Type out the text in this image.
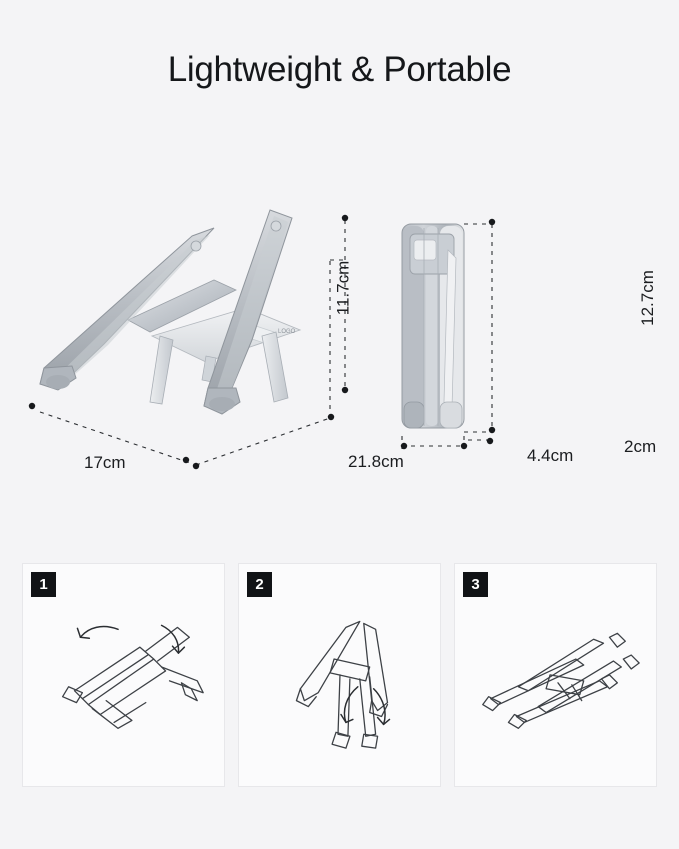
Lightweight & Portable
LOGO
11.7cm
17cm	21.8cm
12.7cm
4.4cm	2cm
1	2	3
